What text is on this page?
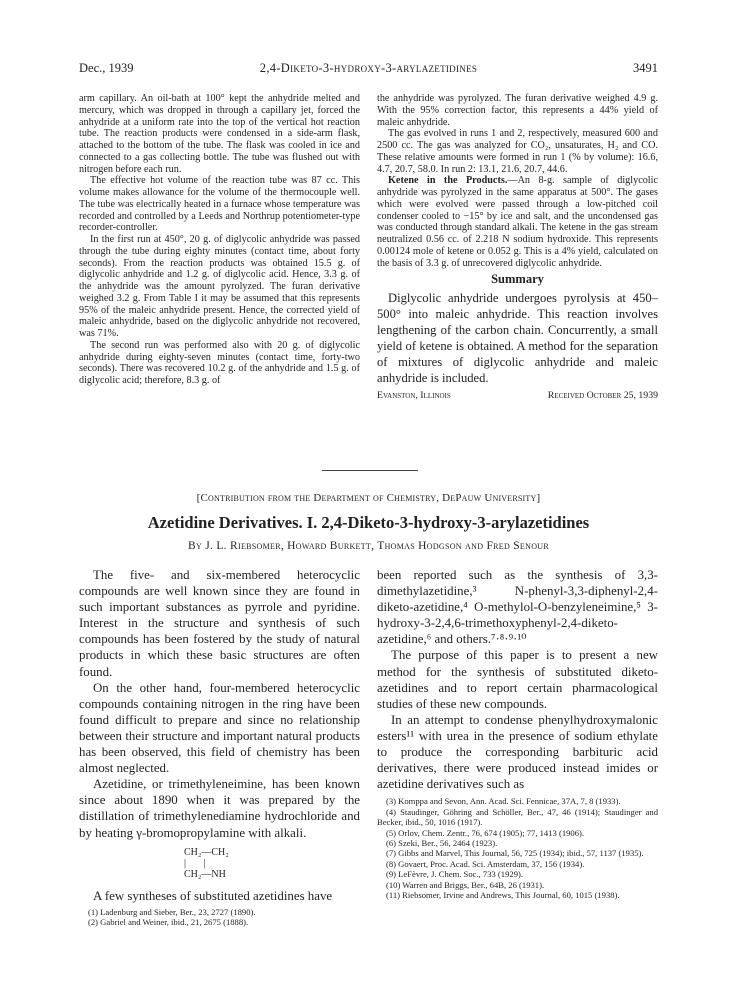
Dec., 1939	2,4-Diketo-3-hydroxy-3-arylazetidines	3491

arm capillary. An oil-bath at 100° kept the anhydride melted and mercury, which was dropped in through a capillary jet, forced the anhydride at a uniform rate into the top of the vertical hot reaction tube. The reaction products were condensed in a side-arm flask, attached to the bottom of the tube. The flask was cooled in ice and connected to a gas collecting bottle. The tube was flushed out with nitrogen before each run.

The effective hot volume of the reaction tube was 87 cc. This volume makes allowance for the volume of the thermocouple well. The tube was electrically heated in a furnace whose temperature was recorded and controlled by a Leeds and Northrup potentiometer-type recorder-controller.

In the first run at 450°, 20 g. of diglycolic anhydride was passed through the tube during eighty minutes (contact time, about forty seconds). From the reaction products was obtained 15.5 g. of diglycolic anhydride and 1.2 g. of diglycolic acid. Hence, 3.3 g. of the anhydride was the amount pyrolyzed. The furan derivative weighed 3.2 g. From Table I it may be assumed that this represents 95% of the maleic anhydride present. Hence, the corrected yield of maleic anhydride, based on the diglycolic anhydride not recovered, was 71%.

The second run was performed also with 20 g. of diglycolic anhydride during eighty-seven minutes (contact time, forty-two seconds). There was recovered 10.2 g. of the anhydride and 1.5 g. of diglycolic acid; therefore, 8.3 g. of

the anhydride was pyrolyzed. The furan derivative weighed 4.9 g. With the 95% correction factor, this represents a 44% yield of maleic anhydride.

The gas evolved in runs 1 and 2, respectively, measured 600 and 2500 cc. The gas was analyzed for CO₂, unsaturates, H₂ and CO. These relative amounts were formed in run 1 (% by volume): 16.6, 4.7, 20.7, 58.0. In run 2: 13.1, 21.6, 20.7, 44.6.

Ketene in the Products.—An 8-g. sample of diglycolic anhydride was pyrolyzed in the same apparatus at 500°. The gases which were evolved were passed through a low-pitched coil condenser cooled to −15° by ice and salt, and the uncondensed gas was conducted through standard alkali. The ketene in the gas stream neutralized 0.56 cc. of 2.218 N sodium hydroxide. This represents 0.00124 mole of ketene or 0.052 g. This is a 4% yield, calculated on the basis of 3.3 g. of unrecovered diglycolic anhydride.

Summary

Diglycolic anhydride undergoes pyrolysis at 450–500° into maleic anhydride. This reaction involves lengthening of the carbon chain. Concurrently, a small yield of ketene is obtained. A method for the separation of mixtures of diglycolic anhydride and maleic anhydride is included.

Evanston, Illinois	Received October 25, 1939
[Contribution from the Department of Chemistry, DePauw University]
Azetidine Derivatives. I. 2,4-Diketo-3-hydroxy-3-arylazetidines
By J. L. Riebsomer, Howard Burkett, Thomas Hodgson and Fred Senour

The five- and six-membered heterocyclic compounds are well known since they are found in such important substances as pyrrole and pyridine. Interest in the structure and synthesis of such compounds has been fostered by the study of natural products in which these basic structures are often found.

On the other hand, four-membered heterocyclic compounds containing nitrogen in the ring have been found difficult to prepare and since no relationship between their structure and important natural products has been observed, this field of chemistry has been almost neglected.

Azetidine, or trimethyleneimine, has been known since about 1890 when it was prepared by the distillation of trimethylenediamine hydrochloride and by heating γ-bromopropylamine with alkali.

CH₂—CH₂
|       |
CH₂—NH

A few syntheses of substituted azetidines have

(1) Ladenburg and Sieber, Ber., 23, 2727 (1890).

(2) Gabriel and Weiner, ibid., 21, 2675 (1888).

been reported such as the synthesis of 3,3-dimethylazetidine,³ N-phenyl-3,3-diphenyl-2,4-diketo-azetidine,⁴ O-methylol-O-benzyleneimine,⁵ 3-hydroxy-3-2,4,6-trimethoxyphenyl-2,4-diketo-azetidine,⁶ and others.⁷·⁸·⁹·¹⁰

The purpose of this paper is to present a new method for the synthesis of substituted diketo-azetidines and to report certain pharmacological studies of these new compounds.

In an attempt to condense phenylhydroxymalonic esters¹¹ with urea in the presence of sodium ethylate to produce the corresponding barbituric acid derivatives, there were produced instead imides or azetidine derivatives such as

(3) Komppa and Sevon, Ann. Acad. Sci. Fennicae, 37A, 7, 8 (1933).

(4) Staudinger, Göhring and Schöller, Ber., 47, 46 (1914); Staudinger and Becker, ibid., 50, 1016 (1917).

(5) Orlov, Chem. Zentr., 76, 674 (1905); 77, 1413 (1906).

(6) Szeki, Ber., 56, 2464 (1923).

(7) Gibbs and Marvel, This Journal, 56, 725 (1934); ibid., 57, 1137 (1935).

(8) Govaert, Proc. Acad. Sci. Amsterdam, 37, 156 (1934).

(9) LeFèvre, J. Chem. Soc., 733 (1929).

(10) Warren and Briggs, Ber., 64B, 26 (1931).

(11) Riebsomer, Irvine and Andrews, This Journal, 60, 1015 (1938).
